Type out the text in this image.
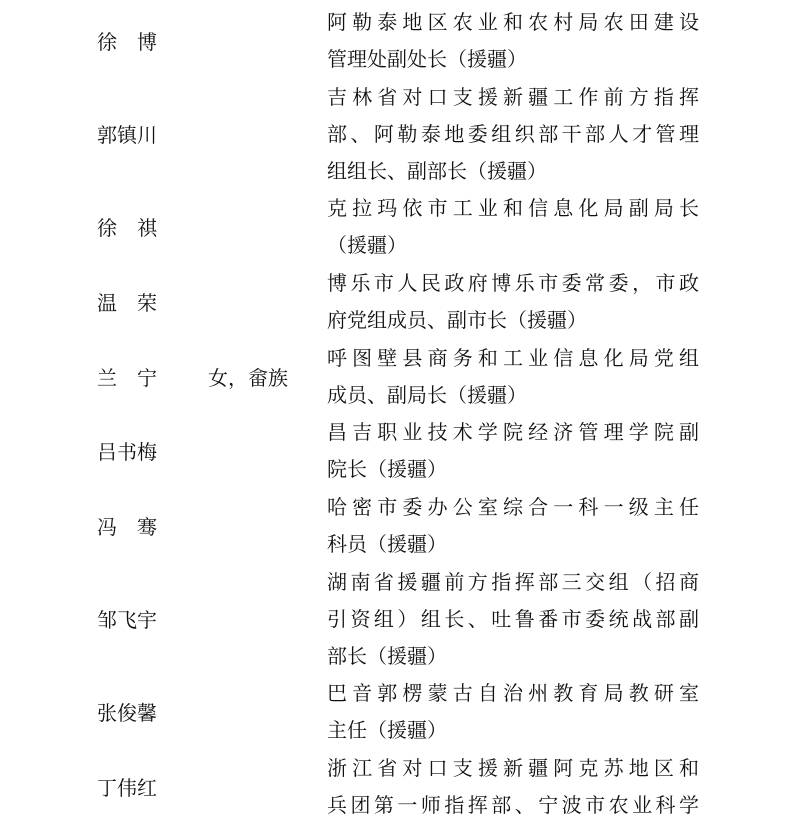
徐　博
阿勒泰地区农业和农村局农田建设
管理处副处长（援疆）
郭镇川
吉林省对口支援新疆工作前方指挥
部、阿勒泰地委组织部干部人才管理
组组长、副部长（援疆）
徐　祺
克拉玛依市工业和信息化局副局长
（援疆）
温　荣
博乐市人民政府博乐市委常委，市政
府党组成员、副市长（援疆）
兰　宁	女，畲族
呼图壁县商务和工业信息化局党组
成员、副局长（援疆）
吕书梅
昌吉职业技术学院经济管理学院副
院长（援疆）
冯　骞
哈密市委办公室综合一科一级主任
科员（援疆）
邹飞宇
湖南省援疆前方指挥部三交组（招商
引资组）组长、吐鲁番市委统战部副
部长（援疆）
张俊馨
巴音郭楞蒙古自治州教育局教研室
主任（援疆）
丁伟红
浙江省对口支援新疆阿克苏地区和
兵团第一师指挥部、宁波市农业科学
